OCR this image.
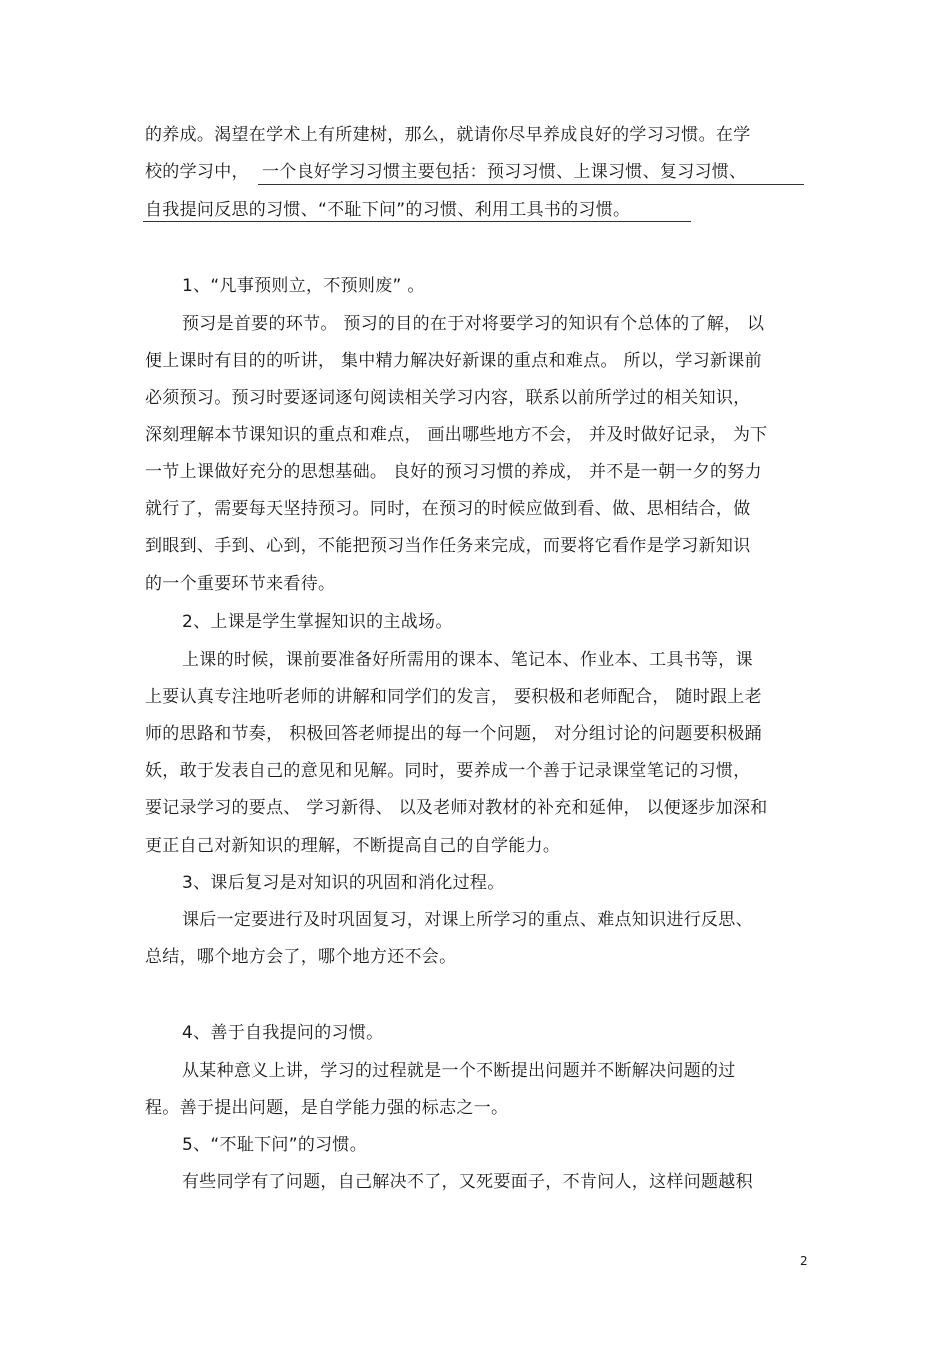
的养成。渴望在学术上有所建树，那么，就请你尽早养成良好的学习习惯。在学
校的学习中， 一个良好学习习惯主要包括：预习习惯、上课习惯、复习习惯、
自我提问反思的习惯、“不耻下问”的习惯、利用工具书的习惯。
1、“凡事预则立，不预则废” 。
预习是首要的环节。 预习的目的在于对将要学习的知识有个总体的了解， 以
便上课时有目的的听讲， 集中精力解决好新课的重点和难点。 所以，学习新课前
必须预习。预习时要逐词逐句阅读相关学习内容，联系以前所学过的相关知识，
深刻理解本节课知识的重点和难点， 画出哪些地方不会， 并及时做好记录， 为下
一节上课做好充分的思想基础。 良好的预习习惯的养成， 并不是一朝一夕的努力
就行了，需要每天坚持预习。同时，在预习的时候应做到看、做、思相结合，做
到眼到、手到、心到，不能把预习当作任务来完成，而要将它看作是学习新知识
的一个重要环节来看待。
2、上课是学生掌握知识的主战场。
上课的时候，课前要准备好所需用的课本、笔记本、作业本、工具书等，课
上要认真专注地听老师的讲解和同学们的发言， 要积极和老师配合， 随时跟上老
师的思路和节奏， 积极回答老师提出的每一个问题， 对分组讨论的问题要积极踊
妖，敢于发表自己的意见和见解。同时，要养成一个善于记录课堂笔记的习惯，
要记录学习的要点、 学习新得、 以及老师对教材的补充和延伸， 以便逐步加深和
更正自己对新知识的理解，不断提高自己的自学能力。
3、课后复习是对知识的巩固和消化过程。
课后一定要进行及时巩固复习，对课上所学习的重点、难点知识进行反思、
总结，哪个地方会了，哪个地方还不会。
4、善于自我提问的习惯。
从某种意义上讲，学习的过程就是一个不断提出问题并不断解决问题的过
程。善于提出问题，是自学能力强的标志之一。
5、“不耻下问”的习惯。
有些同学有了问题，自己解决不了，又死要面子，不肯问人，这样问题越积
2
